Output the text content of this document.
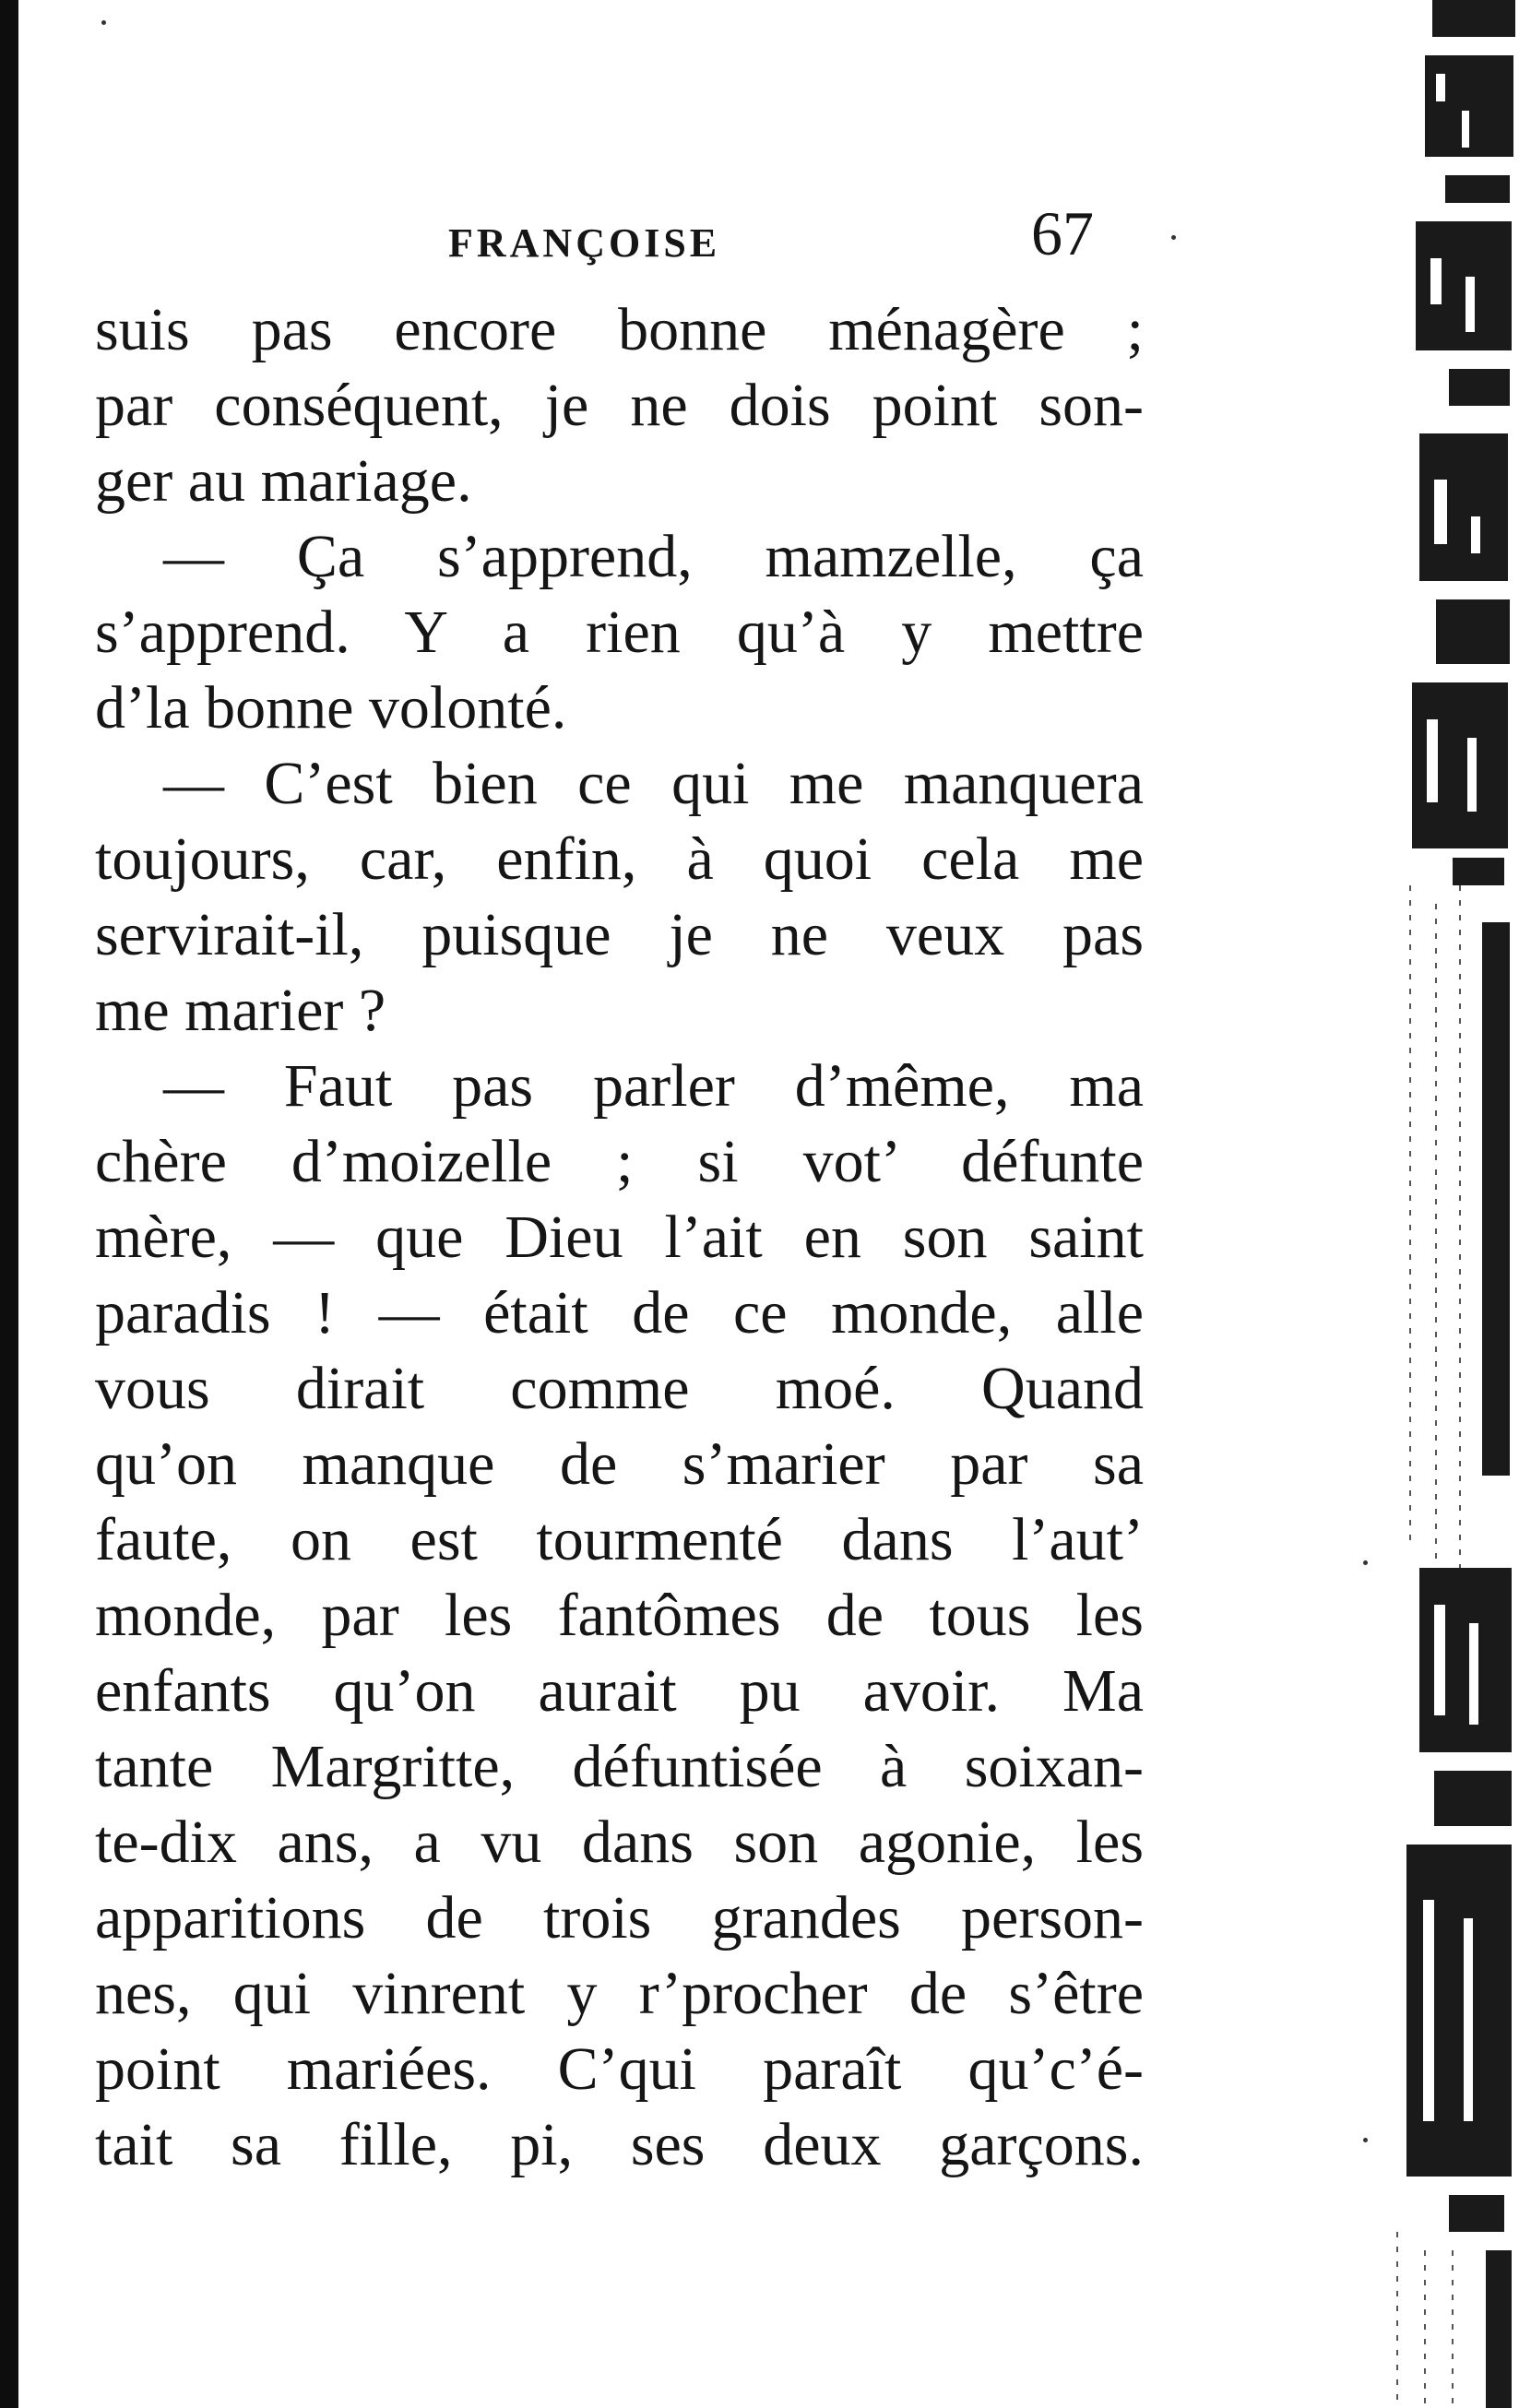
FRANÇOISE	67
suis pas encore bonne ménagère ;
par conséquent, je ne dois point son-
ger au mariage.
— Ça s’apprend, mamzelle, ça
s’apprend. Y a rien qu’à y mettre
d’la bonne volonté.
— C’est bien ce qui me manquera
toujours, car, enfin, à quoi cela me
servirait-il, puisque je ne veux pas
me marier ?
— Faut pas parler d’même, ma
chère d’moizelle ; si vot’ défunte
mère, — que Dieu l’ait en son saint
paradis ! — était de ce monde, alle
vous dirait comme moé. Quand
qu’on manque de s’marier par sa
faute, on est tourmenté dans l’aut’
monde, par les fantômes de tous les
enfants qu’on aurait pu avoir. Ma
tante Margritte, défuntisée à soixan-
te-dix ans, a vu dans son agonie, les
apparitions de trois grandes person-
nes, qui vinrent y r’procher de s’être
point mariées. C’qui paraît qu’c’é-
tait sa fille, pi, ses deux garçons.
